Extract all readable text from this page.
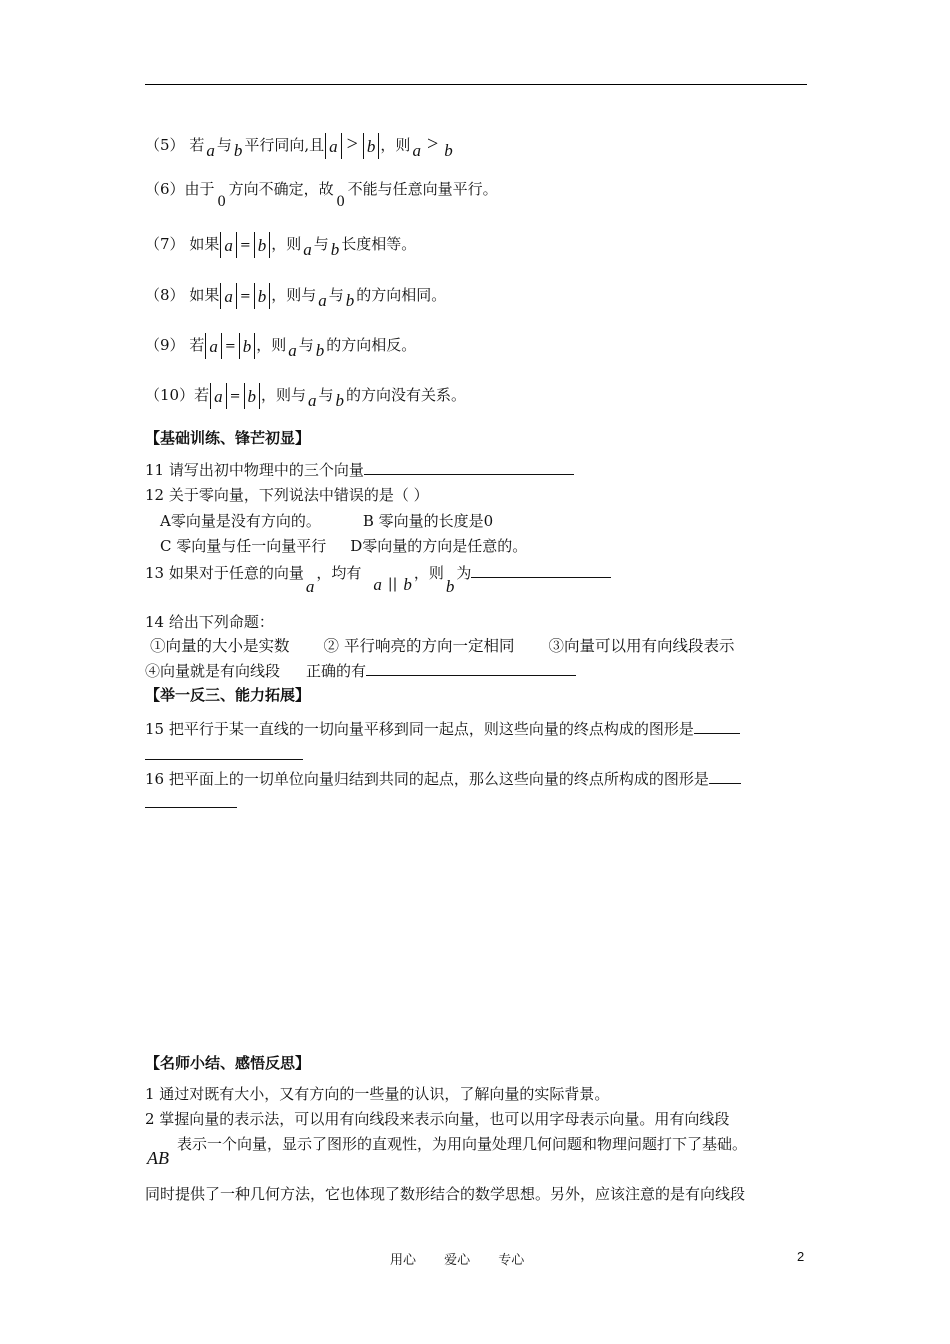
（5） 若 a 与 b 平行同向,且 a > b ，则 a > b
（6）由于0方向不确定，故0不能与任意向量平行。
（7） 如果 a = b ，则 a 与 b 长度相等。
（8） 如果 a = b ，则与 a 与 b 的方向相同。
（9） 若 a = b ，则 a 与 b 的方向相反。
（10）若 a = b ，则与 a 与 b 的方向没有关系。
【基础训练、锋芒初显】
11 请写出初中物理中的三个向量
12 关于零向量，下列说法中错误的是（ ）
A零向量是没有方向的。	B 零向量的长度是0
C 零向量与任一向量平行 D零向量的方向是任意的。
13 如果对于任意的向量a，均有a || b，则b为
14 给出下列命题：
①向量的大小是实数 ② 平行响亮的方向一定相同 ③向量可以用有向线段表示
④向量就是有向线段 正确的有
【举一反三、能力拓展】
15 把平行于某一直线的一切向量平移到同一起点，则这些向量的终点构成的图形是
16 把平面上的一切单位向量归结到共同的起点，那么这些向量的终点所构成的图形是
【名师小结、感悟反思】
1 通过对既有大小，又有方向的一些量的认识，了解向量的实际背景。
2 掌握向量的表示法，可以用有向线段来表示向量，也可以用字母表示向量。用有向线段
表示一个向量，显示了图形的直观性，为用向量处理几何问题和物理问题打下了基础。
AB
同时提供了一种几何方法，它也体现了数形结合的数学思想。另外，应该注意的是有向线段
用心 爱心 专心	2
